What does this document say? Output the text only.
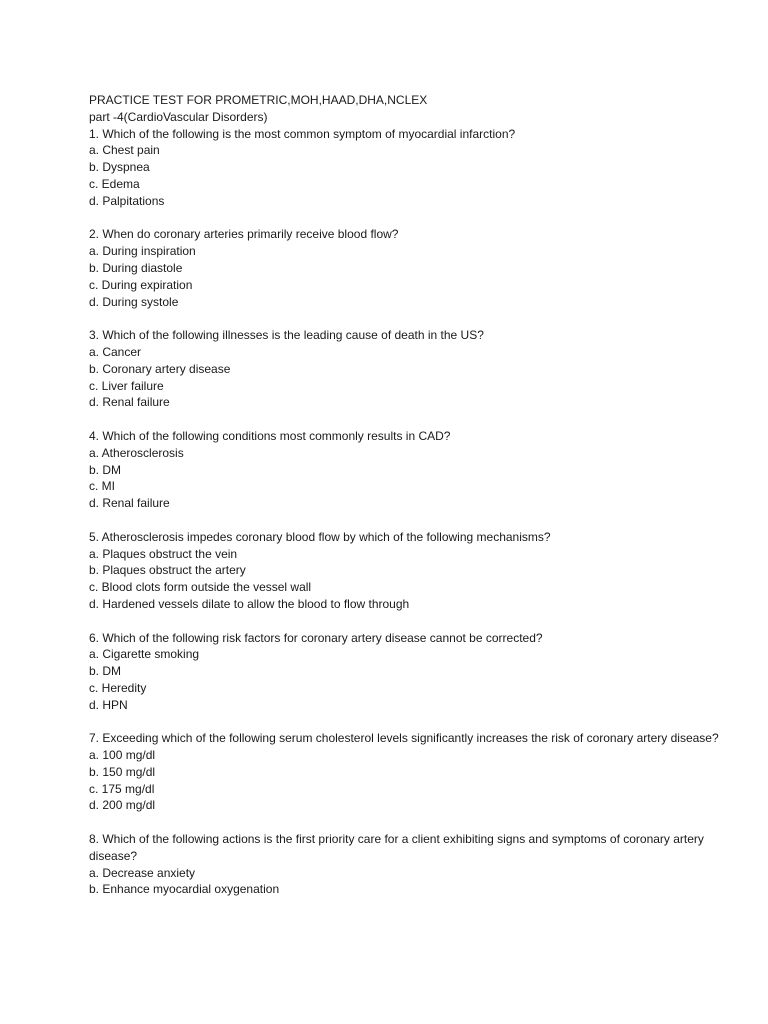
PRACTICE TEST FOR PROMETRIC,MOH,HAAD,DHA,NCLEX

part -4(CardioVascular Disorders)

1. Which of the following is the most common symptom of myocardial infarction?

a. Chest pain

b. Dyspnea

c. Edema

d. Palpitations

2. When do coronary arteries primarily receive blood flow?

a. During inspiration

b. During diastole

c. During expiration

d. During systole

3. Which of the following illnesses is the leading cause of death in the US?

a. Cancer

b. Coronary artery disease

c. Liver failure

d. Renal failure

4. Which of the following conditions most commonly results in CAD?

a. Atherosclerosis

b. DM

c. MI

d. Renal failure

5. Atherosclerosis impedes coronary blood flow by which of the following mechanisms?

a. Plaques obstruct the vein

b. Plaques obstruct the artery

c. Blood clots form outside the vessel wall

d. Hardened vessels dilate to allow the blood to flow through

6. Which of the following risk factors for coronary artery disease cannot be corrected?

a. Cigarette smoking

b. DM

c. Heredity

d. HPN

7. Exceeding which of the following serum cholesterol levels significantly increases the risk of coronary artery disease?

a. 100 mg/dl

b. 150 mg/dl

c. 175 mg/dl

d. 200 mg/dl

8. Which of the following actions is the first priority care for a client exhibiting signs and symptoms of coronary artery disease?

a. Decrease anxiety

b. Enhance myocardial oxygenation
